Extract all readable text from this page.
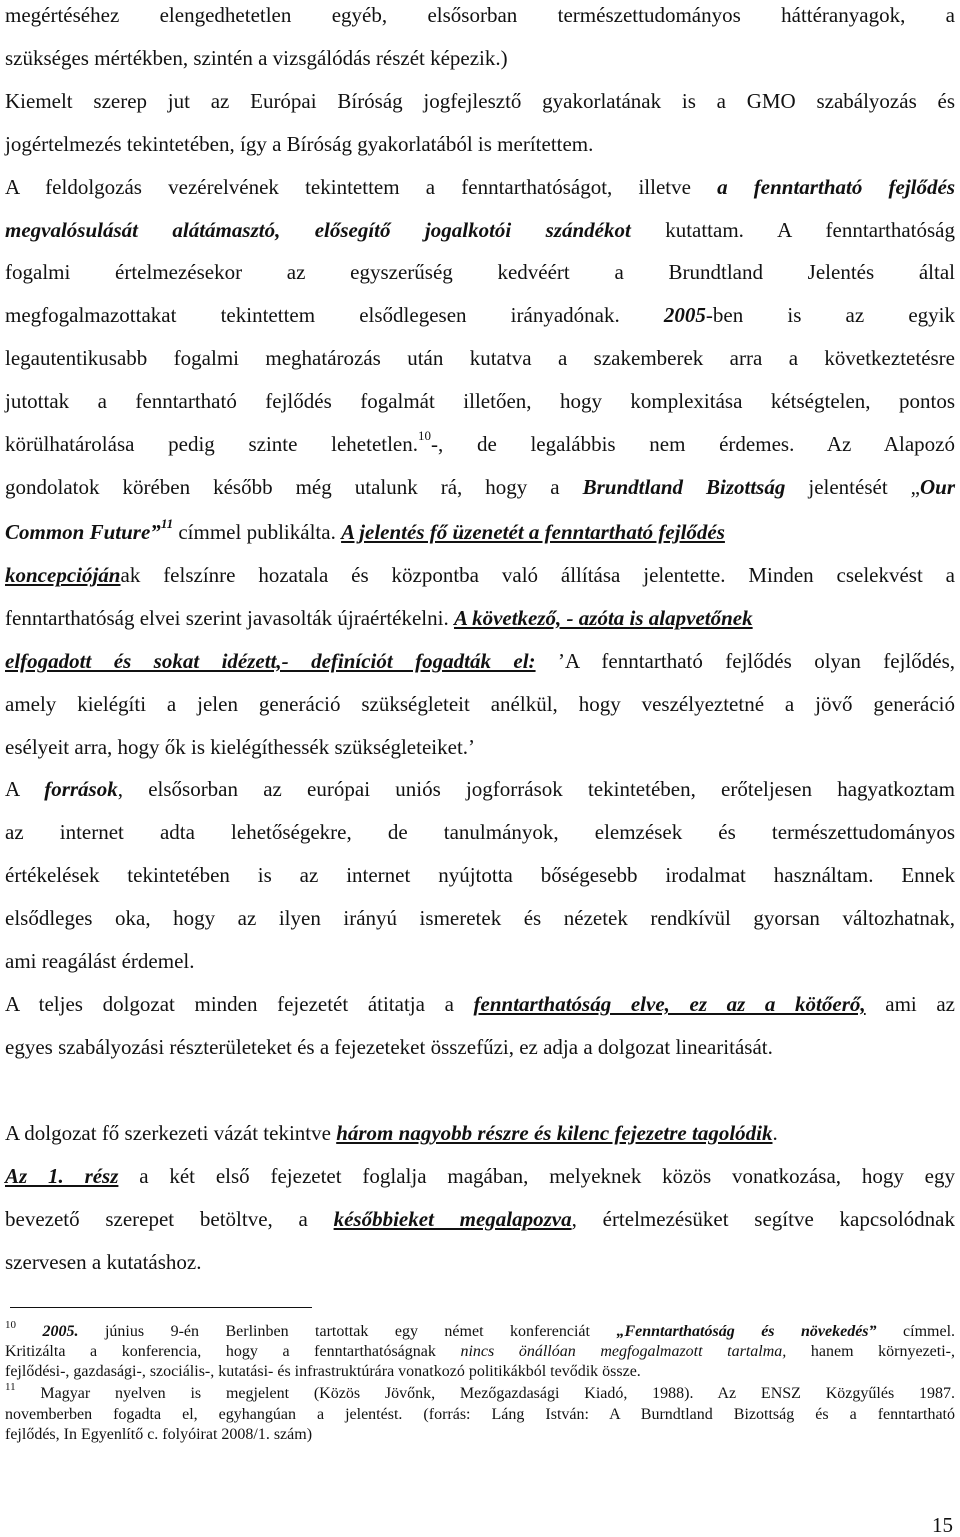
megértéséhez elengedhetetlen egyéb, elsősorban természettudományos háttéranyagok, a
szükséges mértékben, szintén a vizsgálódás részét képezik.)
Kiemelt szerep jut az Európai Bíróság jogfejlesztő gyakorlatának is a GMO szabályozás és
jogértelmezés tekintetében, így a Bíróság gyakorlatából is merítettem.
A feldolgozás vezérelvének tekintettem a fenntarthatóságot, illetve a fenntartható fejlődés
megvalósulását alátámasztó, elősegítő jogalkotói szándékot kutattam. A fenntarthatóság
fogalmi értelmezésekor az egyszerűség kedvéért a Brundtland Jelentés által
megfogalmazottakat tekintettem elsődlegesen irányadónak. 2005-ben is az egyik
legautentikusabb fogalmi meghatározás után kutatva a szakemberek arra a következtetésre
jutottak a fenntartható fejlődés fogalmát illetően, hogy komplexitása kétségtelen, pontos
körülhatárolása pedig szinte lehetetlen.$^{10}$-, de legalábbis nem érdemes. Az Alapozó
gondolatok körében később még utalunk rá, hogy a Brundtland Bizottság jelentését „Our
Common Future”$^{11}$ címmel publikálta. A jelentés fő üzenetét a fenntartható fejlődés
koncepciójának felszínre hozatala és központba való állítása jelentette. Minden cselekvést a
fenntarthatóság elvei szerint javasolták újraértékelni. A következő, - azóta is alapvetőnek
elfogadott és sokat idézett,- definíciót fogadták el: ’A fenntartható fejlődés olyan fejlődés,
amely kielégíti a jelen generáció szükségleteit anélkül, hogy veszélyeztetné a jövő generáció
esélyeit arra, hogy ők is kielégíthessék szükségleteiket.’
A források, elsősorban az európai uniós jogforrások tekintetében, erőteljesen hagyatkoztam
az internet adta lehetőségekre, de tanulmányok, elemzések és természettudományos
értékelések tekintetében is az internet nyújtotta bőségesebb irodalmat használtam. Ennek
elsődleges oka, hogy az ilyen irányú ismeretek és nézetek rendkívül gyorsan változhatnak,
ami reagálást érdemel.
A teljes dolgozat minden fejezetét átitatja a fenntarthatóság elve, ez az a kötőerő, ami az
egyes szabályozási részterületeket és a fejezeteket összefűzi, ez adja a dolgozat linearitását.
A dolgozat fő szerkezeti vázát tekintve három nagyobb részre és kilenc fejezetre tagolódik.
Az 1. rész a két első fejezetet foglalja magában, melyeknek közös vonatkozása, hogy egy
bevezető szerepet betöltve, a későbbieket megalapozva, értelmezésüket segítve kapcsolódnak
szervesen a kutatáshoz.
$^{10}$ 2005. június 9-én Berlinben tartottak egy német konferenciát „Fenntarthatóság és növekedés” címmel.
Kritizálta a konferencia, hogy a fenntarthatóságnak nincs önállóan megfogalmazott tartalma, hanem környezeti-,
fejlődési-, gazdasági-, szociális-, kutatási- és infrastruktúrára vonatkozó politikákból tevődik össze.
$^{11}$ Magyar nyelven is megjelent (Közös Jövőnk, Mezőgazdasági Kiadó, 1988). Az ENSZ Közgyűlés 1987.
novemberben fogadta el, egyhangúan a jelentést. (forrás: Láng István: A Burndtland Bizottság és a fenntartható
fejlődés, In Egyenlítő c. folyóirat 2008/1. szám)
15
